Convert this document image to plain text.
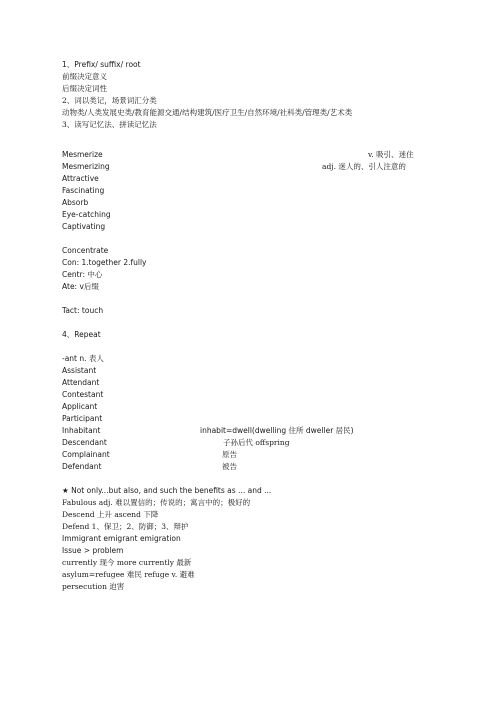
1、Prefix/ suffix/ root
前缀决定意义
后缀决定词性
2、词以类记，场景词汇分类
动物类/人类发展史类/教育能源交通/结构建筑/医疗卫生/自然环境/社科类/管理类/艺术类
3、读写记忆法、拼读记忆法
Mesmerize	v. 吸引、迷住
Mesmerizing	adj. 迷人的、引人注意的
Attractive
Fascinating
Absorb
Eye-catching
Captivating
Concentrate
Con: 1.together 2.fully
Centr: 中心
Ate: v后缀
Tact: touch
4、Repeat
-ant n. 表人
Assistant
Attendant
Contestant
Applicant
Participant
Inhabitant	inhabit=dwell(dwelling 住所 dweller 居民)
Descendant	子孙后代 offspring
Complainant	原告
Defendant	被告
★ Not only...but also, and such the benefits as ... and ...
Fabulous adj. 难以置信的；传说的；寓言中的；极好的
Descend 上升 ascend 下降
Defend 1、保卫；2、防御；3、辩护
Immigrant emigrant emigration
Issue > problem
currently 现今 more currently 最新
asylum=refugee 难民 refuge v. 避难
persecution 迫害
